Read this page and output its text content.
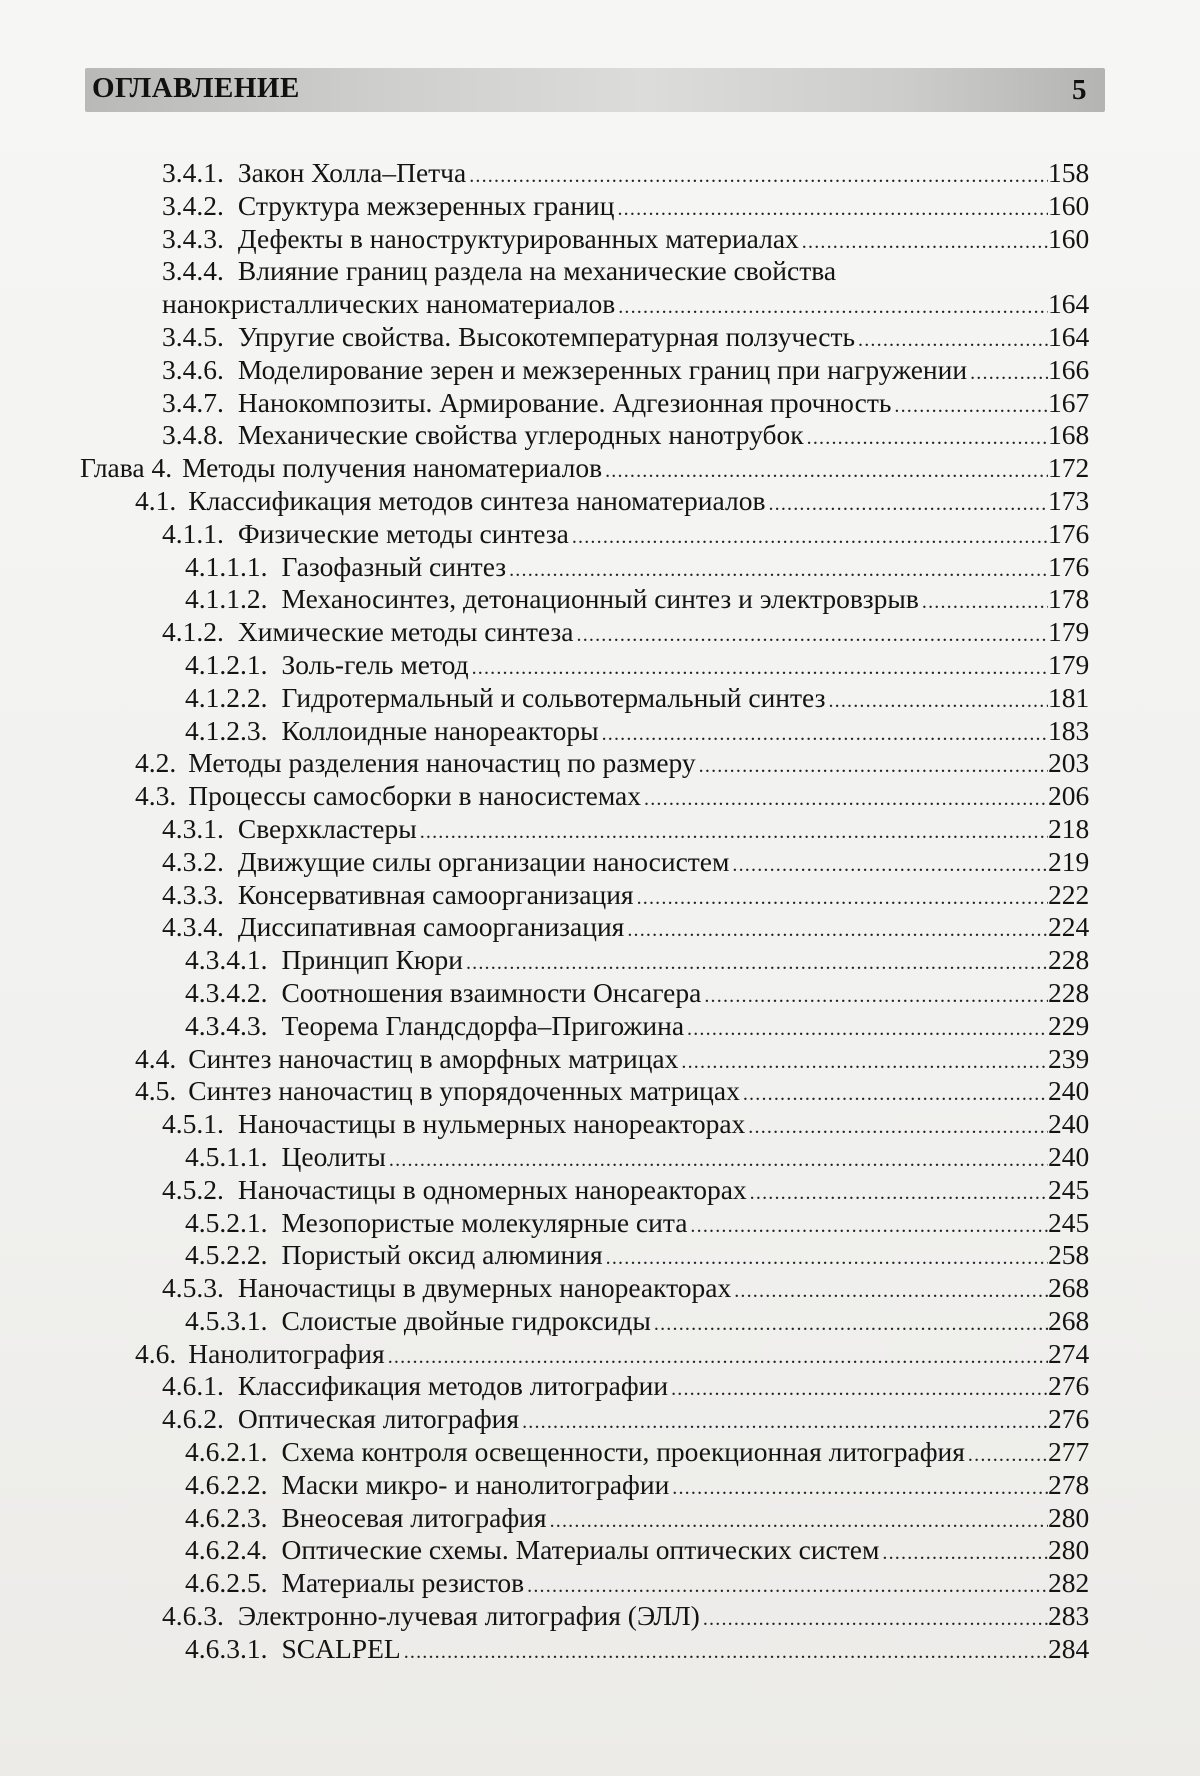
ОГЛАВЛЕНИЕ	5
3.4.1. Закон Холла–Петча .....	158
3.4.2. Структура межзеренных границ .....	160
3.4.3. Дефекты в наноструктурированных материалах .....	160
3.4.4. Влияние границ раздела на механические свойства
нанокристаллических наноматериалов .....	164
3.4.5. Упругие свойства. Высокотемпературная ползучесть .....	164
3.4.6. Моделирование зерен и межзеренных границ при нагружении .....	166
3.4.7. Нанокомпозиты. Армирование. Адгезионная прочность .....	167
3.4.8. Механические свойства углеродных нанотрубок .....	168
Глава 4. Методы получения наноматериалов .....	172
4.1. Классификация методов синтеза наноматериалов .....	173
4.1.1. Физические методы синтеза .....	176
4.1.1.1. Газофазный синтез .....	176
4.1.1.2. Механосинтез, детонационный синтез и электровзрыв .....	178
4.1.2. Химические методы синтеза .....	179
4.1.2.1. Золь-гель метод .....	179
4.1.2.2. Гидротермальный и сольвотермальный синтез .....	181
4.1.2.3. Коллоидные нанореакторы .....	183
4.2. Методы разделения наночастиц по размеру .....	203
4.3. Процессы самосборки в наносистемах .....	206
4.3.1. Сверхкластеры .....	218
4.3.2. Движущие силы организации наносистем .....	219
4.3.3. Консервативная самоорганизация .....	222
4.3.4. Диссипативная самоорганизация .....	224
4.3.4.1. Принцип Кюри .....	228
4.3.4.2. Соотношения взаимности Онсагера .....	228
4.3.4.3. Теорема Гландсдорфа–Пригожина .....	229
4.4. Синтез наночастиц в аморфных матрицах .....	239
4.5. Синтез наночастиц в упорядоченных матрицах .....	240
4.5.1. Наночастицы в нульмерных нанореакторах .....	240
4.5.1.1. Цеолиты .....	240
4.5.2. Наночастицы в одномерных нанореакторах .....	245
4.5.2.1. Мезопористые молекулярные сита .....	245
4.5.2.2. Пористый оксид алюминия .....	258
4.5.3. Наночастицы в двумерных нанореакторах .....	268
4.5.3.1. Слоистые двойные гидроксиды .....	268
4.6. Нанолитография .....	274
4.6.1. Классификация методов литографии .....	276
4.6.2. Оптическая литография .....	276
4.6.2.1. Схема контроля освещенности, проекционная литография .....	277
4.6.2.2. Маски микро- и нанолитографии .....	278
4.6.2.3. Внеосевая литография .....	280
4.6.2.4. Оптические схемы. Материалы оптических систем .....	280
4.6.2.5. Материалы резистов .....	282
4.6.3. Электронно-лучевая литография (ЭЛЛ) .....	283
4.6.3.1. SCALPEL .....	284
